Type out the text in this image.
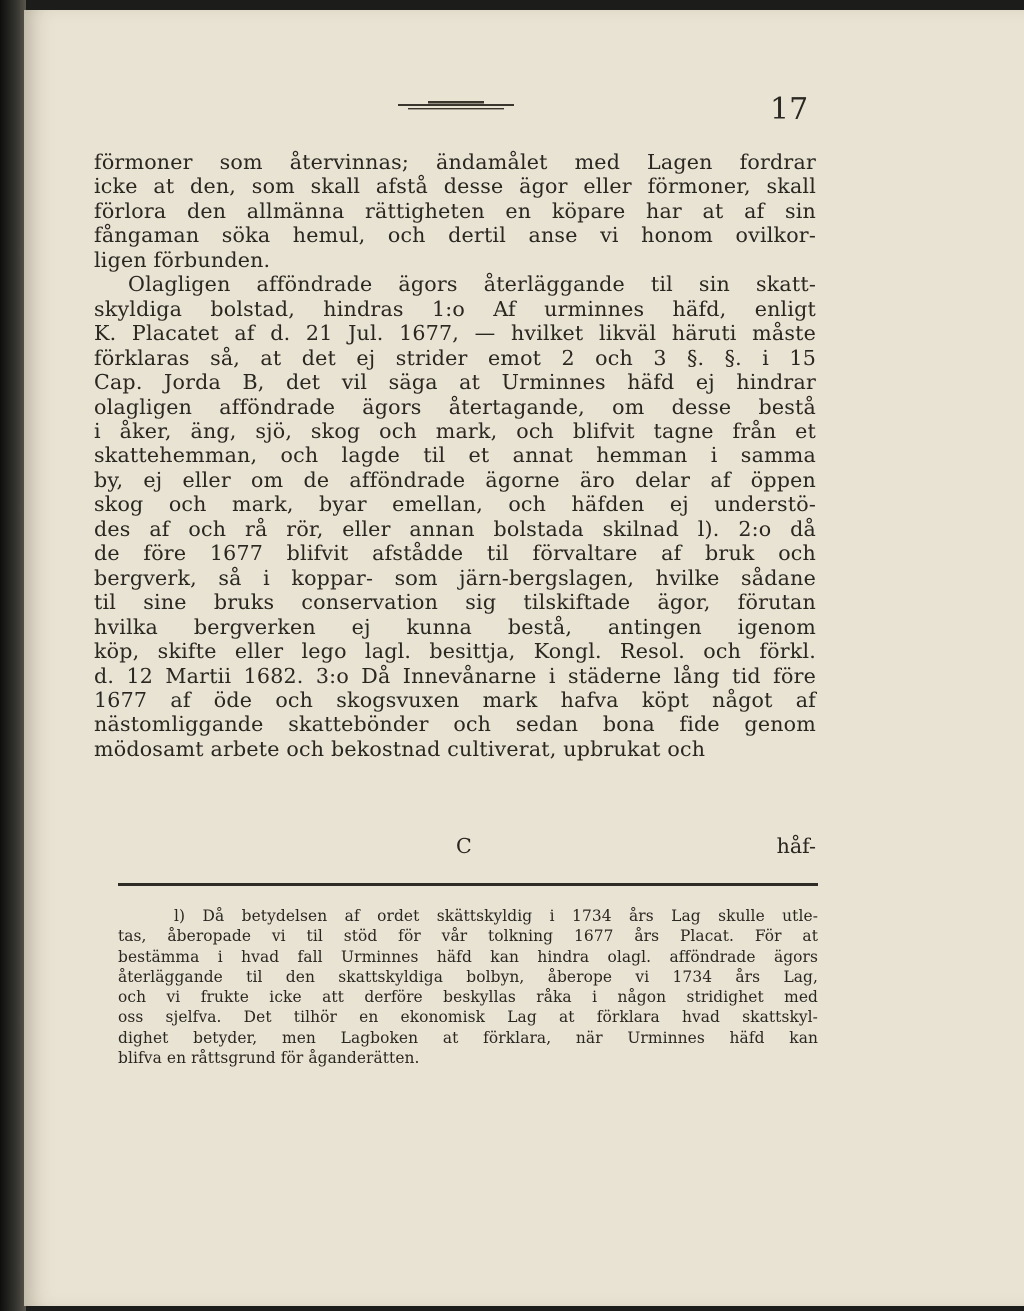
17
förmoner som återvinnas; ändamålet med Lagen fordrar
icke at den, som skall afstå desse ägor eller förmoner, skall
förlora den allmänna rättigheten en köpare har at af sin
fångaman söka hemul, och dertil anse vi honom ovilkor-
ligen förbunden.
Olagligen afföndrade ägors återläggande til sin skatt-
skyldiga bolstad, hindras 1:o Af urminnes häfd, enligt
K. Placatet af d. 21 Jul. 1677, — hvilket likväl häruti måste
förklaras så, at det ej strider emot 2 och 3 §. §. i 15
Cap. Jorda B, det vil säga at Urminnes häfd ej hindrar
olagligen afföndrade ägors återtagande, om desse bestå
i åker, äng, sjö, skog och mark, och blifvit tagne från et
skattehemman, och lagde til et annat hemman i samma
by, ej eller om de afföndrade ägorne äro delar af öppen
skog och mark, byar emellan, och häfden ej understö-
des af och rå rör, eller annan bolstada skilnad l). 2:o då
de före 1677 blifvit afstådde til förvaltare af bruk och
bergverk, så i koppar- som järn-bergslagen, hvilke sådane
til sine bruks conservation sig tilskiftade ägor, förutan
hvilka bergverken ej kunna bestå, antingen igenom
köp, skifte eller lego lagl. besittja, Kongl. Resol. och förkl.
d. 12 Martii 1682. 3:o Då Innevånarne i städerne lång tid före
1677 af öde och skogsvuxen mark hafva köpt något af
nästomliggande skattebönder och sedan bona fide genom
mödosamt arbete och bekostnad cultiverat, upbrukat och
C	håf-
l) Då betydelsen af ordet skättskyldig i 1734 års Lag skulle utle-
tas, åberopade vi til stöd för vår tolkning 1677 års Placat. För at
bestämma i hvad fall Urminnes häfd kan hindra olagl. afföndrade ägors
återläggande til den skattskyldiga bolbyn, åberope vi 1734 års Lag,
och vi frukte icke att derföre beskyllas råka i någon stridighet med
oss sjelfva. Det tilhör en ekonomisk Lag at förklara hvad skattskyl-
dighet betyder, men Lagboken at förklara, när Urminnes häfd kan
blifva en råttsgrund för åganderätten.
